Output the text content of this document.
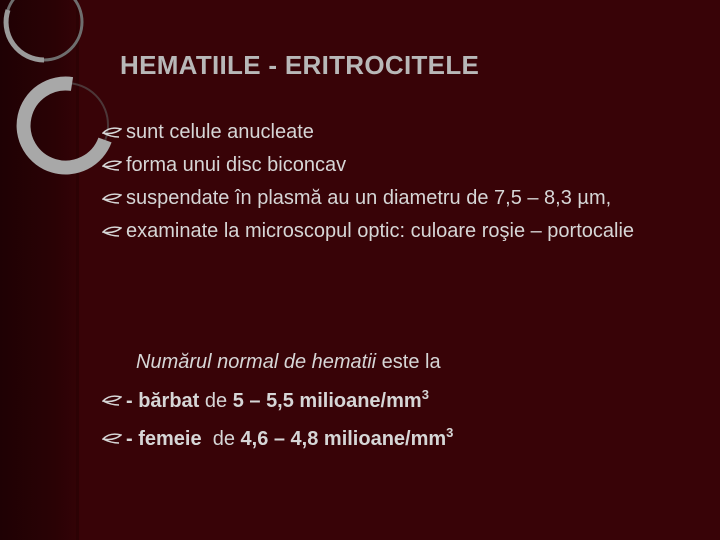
HEMATIILE - ERITROCITELE
sunt celule anucleate
forma unui disc biconcav
suspendate în plasmă au un diametru de 7,5 – 8,3 µm,
examinate la microscopul optic: culoare roşie – portocalie
Numărul normal de hematii este la
- bărbat de 5 – 5,5 milioane/$mm^3$
- femeie  de 4,6 – 4,8 milioane/$mm^3$
